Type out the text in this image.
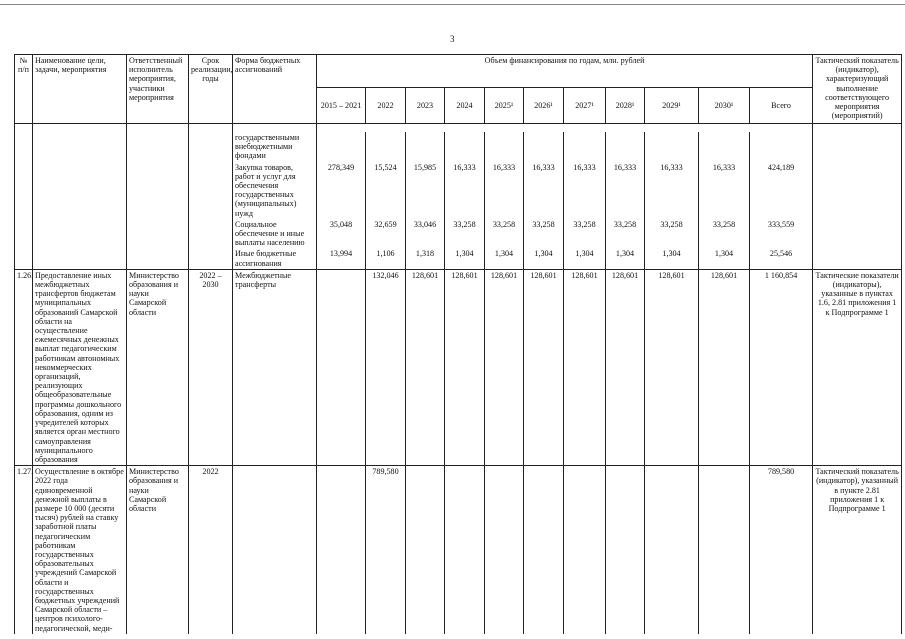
3
№ п/п	Наименование цели, задачи, мероприятия	Ответственный исполнитель мероприятия, участники мероприятия	Срок реализации, годы	Форма бюджетных ассигнований	Объем финансирования по годам, млн. рублей											Тактический показатель (индикатор), характеризующий выполнение соответствующего мероприятия (мероприятий)
					2015 – 2021	2022	2023	2024	2025¹	2026¹	2027¹	2028¹	2029¹	2030¹	Всего	

				государственными внебюджетными фондами												
				Закупка товаров, работ и услуг для обеспечения государственных (муниципальных) нужд	278,349	15,524	15,985	16,333	16,333	16,333	16,333	16,333	16,333	16,333	424,189	
				Социальное обеспечение и иные выплаты населению	35,048	32,659	33,046	33,258	33,258	33,258	33,258	33,258	33,258	33,258	333,559	
				Иные бюджетные ассигнования	13,994	1,106	1,318	1,304	1,304	1,304	1,304	1,304	1,304	1,304	25,546	
1.26.	Предоставление иных межбюджетных трансфертов бюджетам муниципальных образований Самарской области на осуществление ежемесячных денежных выплат педагогическим работникам автономных некоммерческих организаций, реализующих общеобразовательные программы дошкольного образования, одним из учредителей которых является орган местного самоуправления муниципального образования	Министерство образования и науки Самарской области	2022 – 2030	Межбюджетные трансферты		132,046	128,601	128,601	128,601	128,601	128,601	128,601	128,601	128,601	1 160,854	Тактические показатели (индикаторы), указанные в пунктах 1.6, 2.81 приложения 1 к Подпрограмме 1
1.27.	Осуществление в октябре 2022 года единовременной денежной выплаты в размере 10 000 (десяти тысяч) рублей на ставку заработной платы педагогическим работникам государственных образовательных учреждений Самарской области и государственных бюджетных учреждений Самарской области – центров психолого-педагогической, меди-	Министерство образования и науки Самарской области	2022			789,580									789,580	Тактический показатель (индикатор), указанный в пункте 2.81 приложения 1 к Подпрограмме 1
